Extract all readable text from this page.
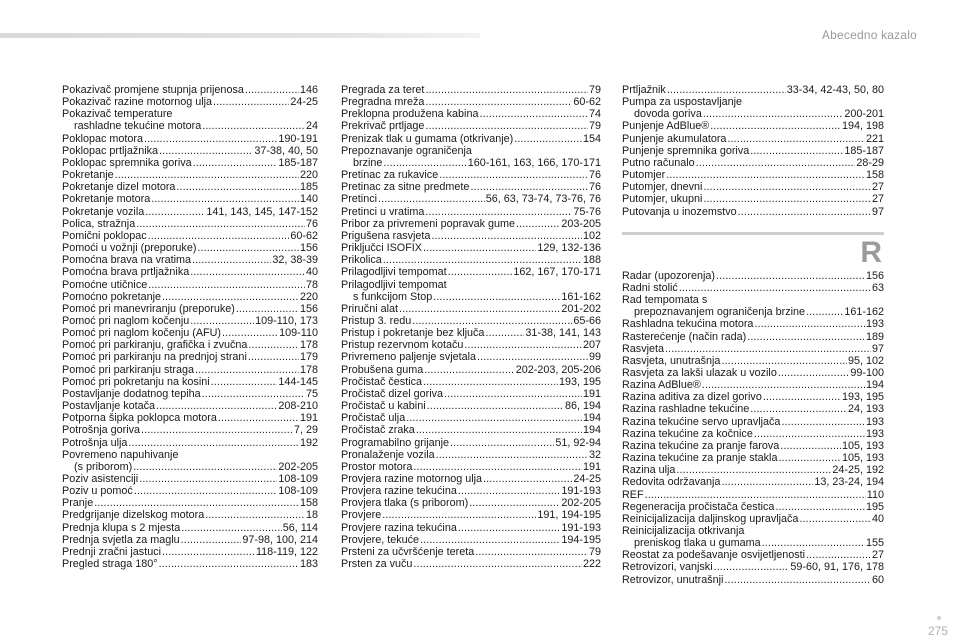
Abecedno kazalo
Pokazivač promjene stupnja prijenosa .....	146
Pokazivač razine motornog ulja .....	24-25
Pokazivač temperature
rashladne tekućine motora .....	24
Poklopac motora .....	190-191
Poklopac prtljažnika .....	37-38, 40, 50
Poklopac spremnika goriva .....	185-187
Pokretanje .....	220
Pokretanje dizel motora .....	185
Pokretanje motora .....	140
Pokretanje vozila .....	141, 143, 145, 147-152
Polica, stražnja .....	76
Pomični poklopac .....	60-62
Pomoći u vožnji (preporuke) .....	156
Pomoćna brava na vratima .....	32, 38-39
Pomoćna brava prtljažnika .....	40
Pomoćne utičnice .....	78
Pomoćno pokretanje .....	220
Pomoć pri manevriranju (preporuke) .....	156
Pomoć pri naglom kočenju .....	109-110, 173
Pomoć pri naglom kočenju (AFU) .....	109-110
Pomoć pri parkiranju, grafička i zvučna .....	178
Pomoć pri parkiranju na prednjoj strani .....	179
Pomoć pri parkiranju straga .....	178
Pomoć pri pokretanju na kosini .....	144-145
Postavljanje dodatnog tepiha .....	75
Postavljanje kotača .....	208-210
Potporna šipka poklopca motora .....	191
Potrošnja goriva .....	7, 29
Potrošnja ulja .....	192
Povremeno napuhivanje
(s priborom) .....	202-205
Poziv asistenciji .....	108-109
Poziv u pomoć .....	108-109
Pranje .....	158
Predgrijanje dizelskog motora .....	18
Prednja klupa s 2 mjesta .....	56, 114
Prednja svjetla za maglu .....	97-98, 100, 214
Prednji zračni jastuci .....	118-119, 122
Pregled straga 180° .....	183
Pregrada za teret .....	79
Pregradna mreža .....	60-62
Preklopna produžena kabina .....	74
Prekrivač prtljage .....	79
Prenizak tlak u gumama (otkrivanje) .....	154
Prepoznavanje ograničenja
brzine .....	160-161, 163, 166, 170-171
Pretinac za rukavice .....	76
Pretinac za sitne predmete .....	76
Pretinci .....	56, 63, 73-74, 73-76, 76
Pretinci u vratima .....	75-76
Pribor za privremeni popravak gume .....	203-205
Prigušena rasvjeta .....	102
Priključci ISOFIX .....	129, 132-136
Prikolica .....	188
Prilagodljivi tempomat .....	162, 167, 170-171
Prilagodljivi tempomat
s funkcijom Stop .....	161-162
Priručni alat .....	201-202
Pristup 3. redu .....	65-66
Pristup i pokretanje bez ključa .....	31-38, 141, 143
Pristup rezervnom kotaču .....	207
Privremeno paljenje svjetala .....	99
Probušena guma .....	202-203, 205-206
Pročistač čestica .....	193, 195
Pročistač dizel goriva .....	191
Pročistač u kabini .....	86, 194
Pročistač ulja .....	194
Pročistač zraka .....	194
Programabilno grijanje .....	51, 92-94
Pronalaženje vozila .....	32
Prostor motora .....	191
Provjera razine motornog ulja .....	24-25
Provjera razine tekućina .....	191-193
Provjera tlaka (s priborom) .....	202-205
Provjere .....	191, 194-195
Provjere razina tekućina .....	191-193
Provjere, tekuće .....	194-195
Prsteni za učvršćenje tereta .....	79
Prsten za vuču .....	222
Prtljažnik .....	33-34, 42-43, 50, 80
Pumpa za uspostavljanje
dovoda goriva .....	200-201
Punjenje AdBlue® .....	194, 198
Punjenje akumulatora .....	221
Punjenje spremnika goriva .....	185-187
Putno računalo .....	28-29
Putomjer .....	158
Putomjer, dnevni .....	27
Putomjer, ukupni .....	27
Putovanja u inozemstvo .....	97
R
Radar (upozorenja) .....	156
Radni stolić .....	63
Rad tempomata s
prepoznavanjem ograničenja brzine .....	161-162
Rashladna tekućina motora .....	193
Rasterećenje (način rada) .....	189
Rasvjeta .....	97
Rasvjeta, unutrašnja .....	95, 102
Rasvjeta za lakši ulazak u vozilo .....	99-100
Razina AdBlue® .....	194
Razina aditiva za dizel gorivo .....	193, 195
Razina rashladne tekućine .....	24, 193
Razina tekućine servo upravljača .....	193
Razina tekućine za kočnice .....	193
Razina tekućine za pranje farova .....	105, 193
Razina tekućine za pranje stakla .....	105, 193
Razina ulja .....	24-25, 192
Redovita održavanja .....	13, 23-24, 194
REF .....	110
Regeneracija pročistača čestica .....	195
Reinicijalizacija daljinskog upravljača .....	40
Reinicijalizacija otkrivanja
preniskog tlaka u gumama .....	155
Reostat za podešavanje osvijetljenosti .....	27
Retrovizori, vanjski .....	59-60, 91, 176, 178
Retrovizor, unutrašnji .....	60
275
